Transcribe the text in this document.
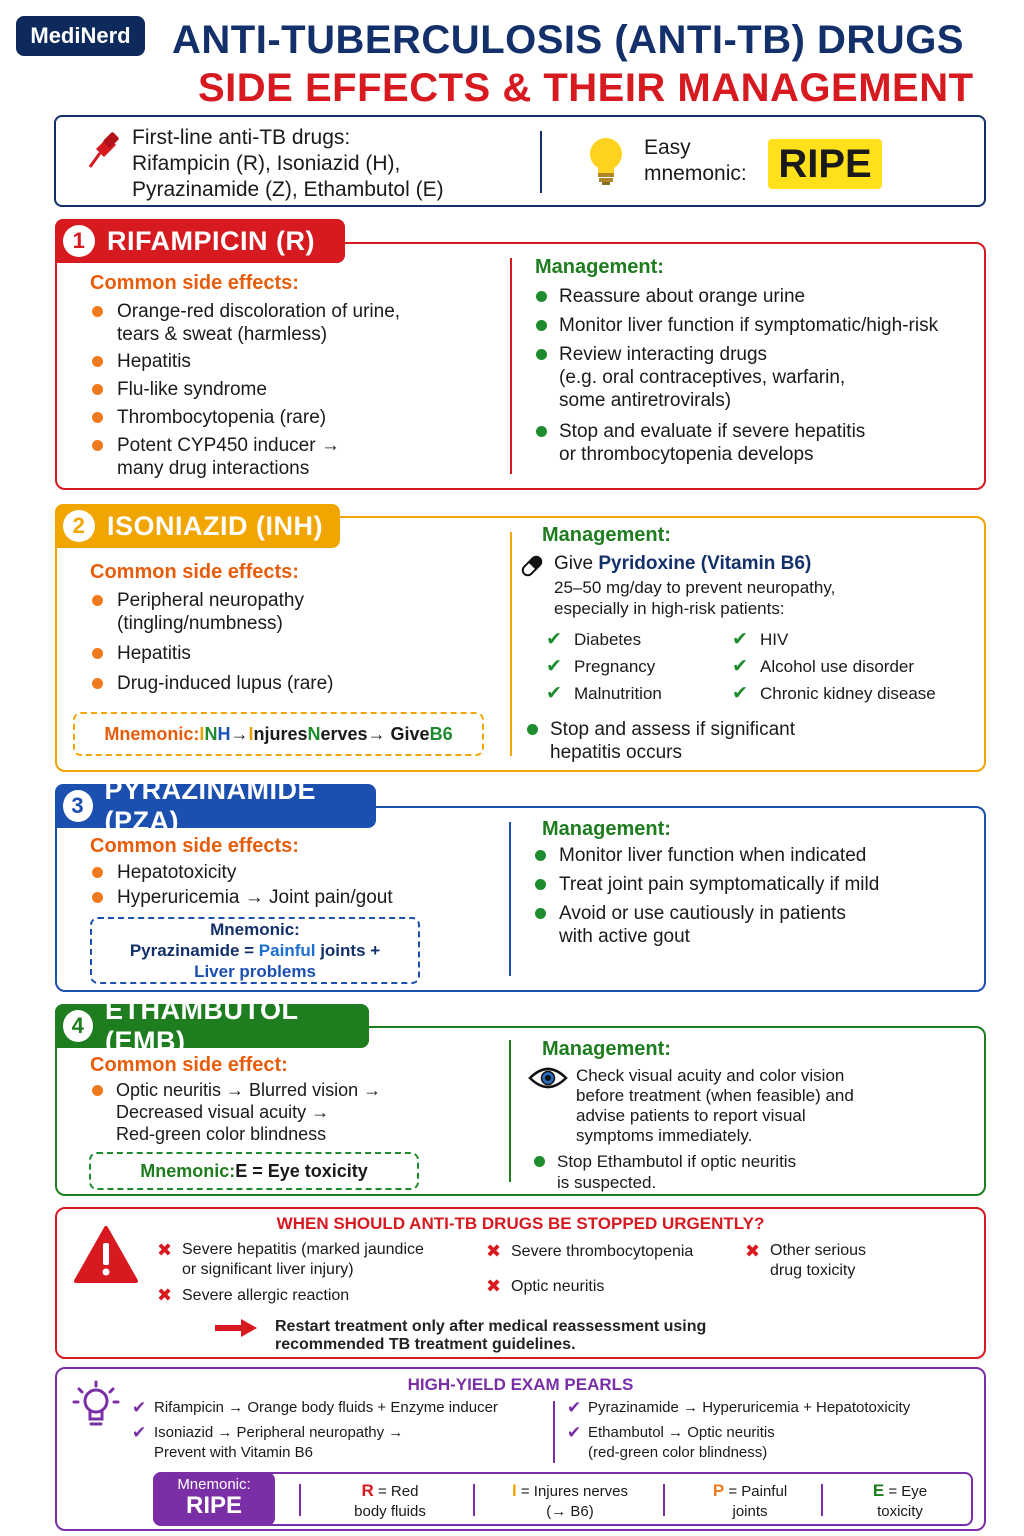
MediNerd	ANTI-TUBERCULOSIS (ANTI-TB) DRUGS
SIDE EFFECTS & THEIR MANAGEMENT
First-line anti-TB drugs:
Rifampicin (R), Isoniazid (H),
Pyrazinamide (Z), Ethambutol (E)
Easy
mnemonic: RIPE
1 RIFAMPICIN (R)
Common side effects:
Orange-red discoloration of urine,
tears & sweat (harmless)
Hepatitis
Flu-like syndrome
Thrombocytopenia (rare)
Potent CYP450 inducer →
many drug interactions
Management:
Reassure about orange urine
Monitor liver function if symptomatic/high-risk
Review interacting drugs
(e.g. oral contraceptives, warfarin,
some antiretrovirals)
Stop and evaluate if severe hepatitis
or thrombocytopenia develops
2 ISONIAZID (INH)
Common side effects:
Peripheral neuropathy
(tingling/numbness)
Hepatitis
Drug-induced lupus (rare)
Mnemonic: I N H → I njures N erves → Give B6
Management:
Give Pyridoxine (Vitamin B6)
25–50 mg/day to prevent neuropathy,
especially in high-risk patients:
✔ Diabetes	✔ HIV
✔ Pregnancy	✔ Alcohol use disorder
✔ Malnutrition	✔ Chronic kidney disease
Stop and assess if significant
hepatitis occurs
3
PYRAZINAMIDE (PZA)
Common side effects:
Hepatotoxicity
Hyperuricemia → Joint pain/gout
Mnemonic:
Pyrazinamide = Painful joints +
Liver problems
Management:
Monitor liver function when indicated
Treat joint pain symptomatically if mild
Avoid or use cautiously in patients
with active gout
4
ETHAMBUTOL (EMB)
Common side effect:
Optic neuritis → Blurred vision →
Decreased visual acuity →
Red-green color blindness
Mnemonic: E = Eye toxicity
Management:
Check visual acuity and color vision
before treatment (when feasible) and
advise patients to report visual
symptoms immediately.
Stop Ethambutol if optic neuritis
is suspected.
WHEN SHOULD ANTI-TB DRUGS BE STOPPED URGENTLY?
✖ Severe hepatitis (marked jaundice
or significant liver injury)
✖ Severe allergic reaction
✖ Severe thrombocytopenia
✖ Optic neuritis
✖ Other serious
drug toxicity
Restart treatment only after medical reassessment using
recommended TB treatment guidelines.
HIGH-YIELD EXAM PEARLS
✔ Rifampicin → Orange body fluids + Enzyme inducer
✔ Isoniazid → Peripheral neuropathy →
Prevent with Vitamin B6
✔ Pyrazinamide → Hyperuricemia + Hepatotoxicity
✔ Ethambutol → Optic neuritis
(red-green color blindness)
Mnemonic:
RIPE
R = Red
body fluids
I = Injures nerves
(→ B6)
P = Painful
joints
E = Eye
toxicity
